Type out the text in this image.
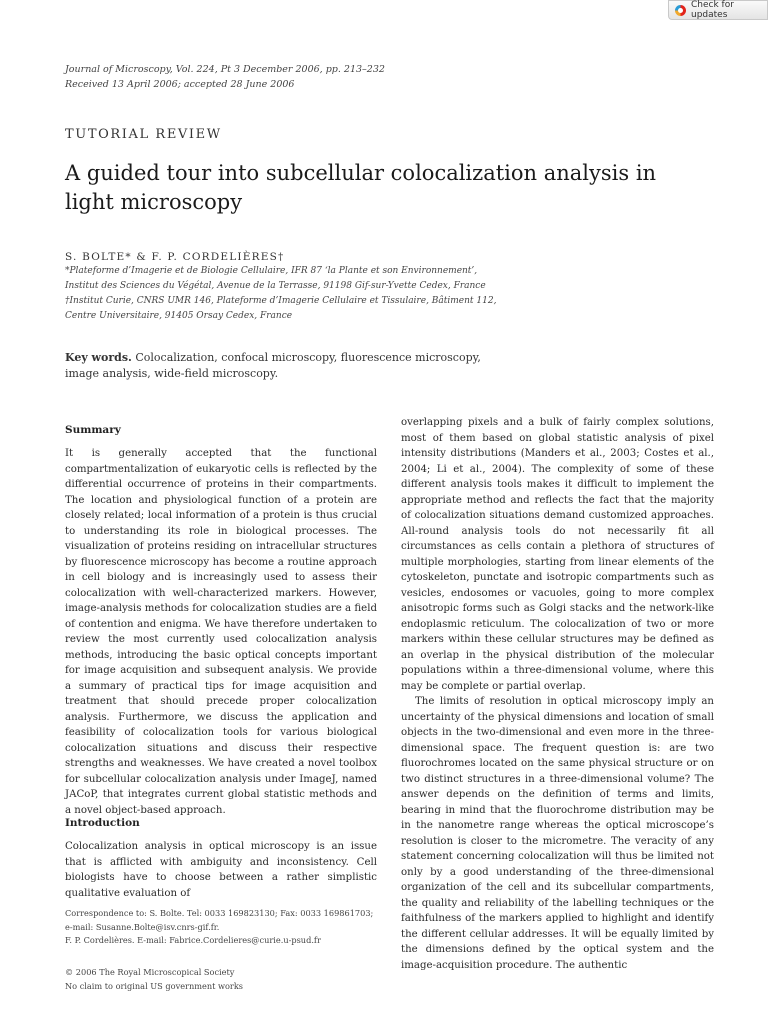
Check for updates
Journal of Microscopy, Vol. 224, Pt 3 December 2006, pp. 213–232
Received 13 April 2006; accepted 28 June 2006
TUTORIAL REVIEW
A guided tour into subcellular colocalization analysis in light microscopy
S. BOLTE* & F. P. CORDELIÈRES†
*Plateforme d’Imagerie et de Biologie Cellulaire, IFR 87 ‘la Plante et son Environnement’, Institut des Sciences du Végétal, Avenue de la Terrasse, 91198 Gif-sur-Yvette Cedex, France
†Institut Curie, CNRS UMR 146, Plateforme d’Imagerie Cellulaire et Tissulaire, Bâtiment 112, Centre Universitaire, 91405 Orsay Cedex, France
Key words. Colocalization, confocal microscopy, fluorescence microscopy, image analysis, wide-field microscopy.
Summary

It is generally accepted that the functional compartmentalization of eukaryotic cells is reflected by the differential occurrence of proteins in their compartments. The location and physiological function of a protein are closely related; local information of a protein is thus crucial to understanding its role in biological processes. The visualization of proteins residing on intracellular structures by fluorescence microscopy has become a routine approach in cell biology and is increasingly used to assess their colocalization with well-characterized markers. However, image-analysis methods for colocalization studies are a field of contention and enigma. We have therefore undertaken to review the most currently used colocalization analysis methods, introducing the basic optical concepts important for image acquisition and subsequent analysis. We provide a summary of practical tips for image acquisition and treatment that should precede proper colocalization analysis. Furthermore, we discuss the application and feasibility of colocalization tools for various biological colocalization situations and discuss their respective strengths and weaknesses. We have created a novel toolbox for subcellular colocalization analysis under ImageJ, named JACoP, that integrates current global statistic methods and a novel object-based approach.

Introduction

Colocalization analysis in optical microscopy is an issue that is afflicted with ambiguity and inconsistency. Cell biologists have to choose between a rather simplistic qualitative evaluation of

overlapping pixels and a bulk of fairly complex solutions, most of them based on global statistic analysis of pixel intensity distributions (Manders et al., 2003; Costes et al., 2004; Li et al., 2004). The complexity of some of these different analysis tools makes it difficult to implement the appropriate method and reflects the fact that the majority of colocalization situations demand customized approaches. All-round analysis tools do not necessarily fit all circumstances as cells contain a plethora of structures of multiple morphologies, starting from linear elements of the cytoskeleton, punctate and isotropic compartments such as vesicles, endosomes or vacuoles, going to more complex anisotropic forms such as Golgi stacks and the network-like endoplasmic reticulum. The colocalization of two or more markers within these cellular structures may be defined as an overlap in the physical distribution of the molecular populations within a three-dimensional volume, where this may be complete or partial overlap.

The limits of resolution in optical microscopy imply an uncertainty of the physical dimensions and location of small objects in the two-dimensional and even more in the three-dimensional space. The frequent question is: are two fluorochromes located on the same physical structure or on two distinct structures in a three-dimensional volume? The answer depends on the definition of terms and limits, bearing in mind that the fluorochrome distribution may be in the nanometre range whereas the optical microscope’s resolution is closer to the micrometre. The veracity of any statement concerning colocalization will thus be limited not only by a good understanding of the three-dimensional organization of the cell and its subcellular compartments, the quality and reliability of the labelling techniques or the faithfulness of the markers applied to highlight and identify the different cellular addresses. It will be equally limited by the dimensions defined by the optical system and the image-acquisition procedure. The authentic

Correspondence to: S. Bolte. Tel: 0033 169823130; Fax: 0033 169861703;
e-mail: Susanne.Bolte@isv.cnrs-gif.fr.
F. P. Cordelières. E-mail: Fabrice.Cordelieres@curie.u-psud.fr
© 2006 The Royal Microscopical Society
No claim to original US government works
